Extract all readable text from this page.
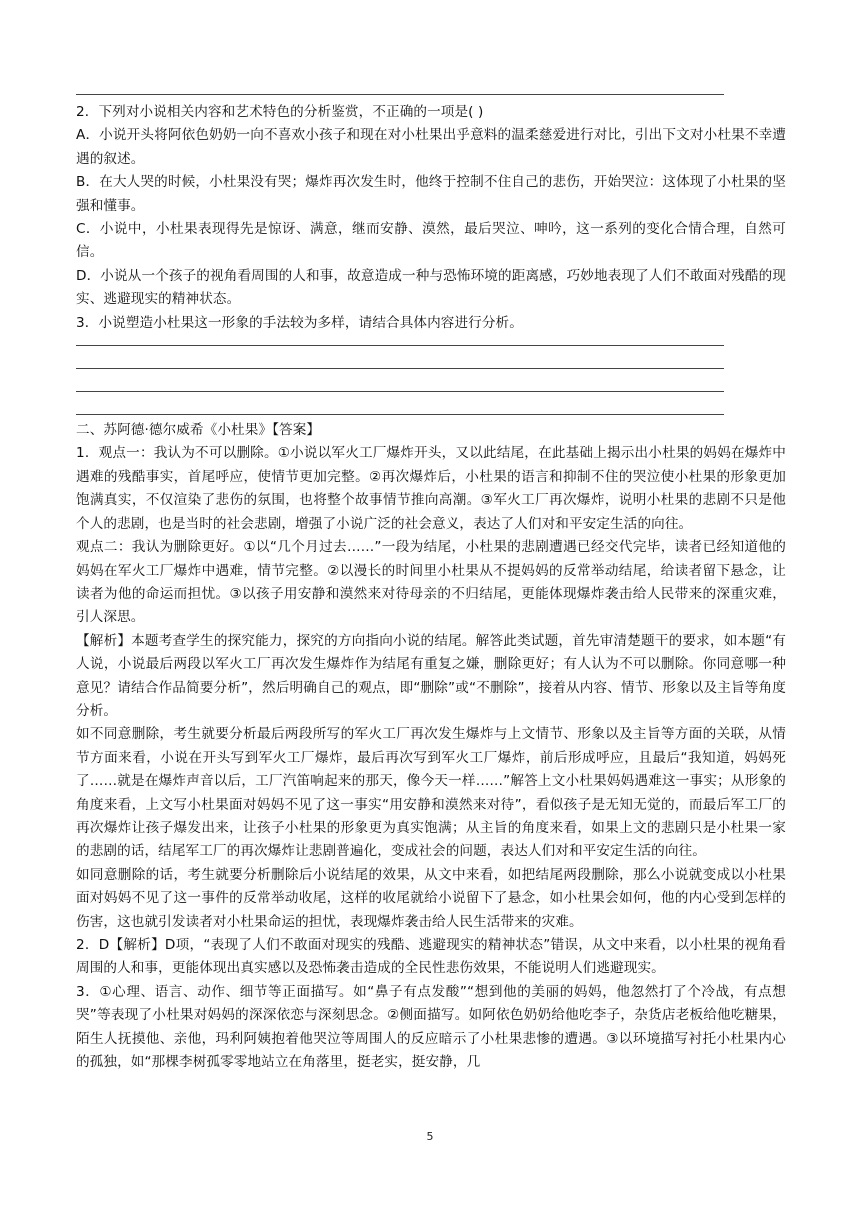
2．下列对小说相关内容和艺术特色的分析鉴赏，不正确的一项是( )

A．小说开头将阿依色奶奶一向不喜欢小孩子和现在对小杜果出乎意料的温柔慈爱进行对比，引出下文对小杜果不幸遭遇的叙述。

B．在大人哭的时候，小杜果没有哭；爆炸再次发生时，他终于控制不住自己的悲伤，开始哭泣：这体现了小杜果的坚强和懂事。

C．小说中，小杜果表现得先是惊讶、满意，继而安静、漠然，最后哭泣、呻吟，这一系列的变化合情合理，自然可信。

D．小说从一个孩子的视角看周围的人和事，故意造成一种与恐怖环境的距离感，巧妙地表现了人们不敢面对残酷的现实、逃避现实的精神状态。

3．小说塑造小杜果这一形象的手法较为多样，请结合具体内容进行分析。

二、苏阿德·德尔威希《小杜果》【答案】

1．观点一：我认为不可以删除。①小说以军火工厂爆炸开头，又以此结尾，在此基础上揭示出小杜果的妈妈在爆炸中遇难的残酷事实，首尾呼应，使情节更加完整。②再次爆炸后，小杜果的语言和抑制不住的哭泣使小杜果的形象更加饱满真实，不仅渲染了悲伤的氛围，也将整个故事情节推向高潮。③军火工厂再次爆炸，说明小杜果的悲剧不只是他个人的悲剧，也是当时的社会悲剧，增强了小说广泛的社会意义，表达了人们对和平安定生活的向往。

观点二：我认为删除更好。①以“几个月过去……”一段为结尾，小杜果的悲剧遭遇已经交代完毕，读者已经知道他的妈妈在军火工厂爆炸中遇难，情节完整。②以漫长的时间里小杜果从不提妈妈的反常举动结尾，给读者留下悬念，让读者为他的命运而担忧。③以孩子用安静和漠然来对待母亲的不归结尾，更能体现爆炸袭击给人民带来的深重灾难，引人深思。

【解析】本题考查学生的探究能力，探究的方向指向小说的结尾。解答此类试题，首先审清楚题干的要求，如本题“有人说，小说最后两段以军火工厂再次发生爆炸作为结尾有重复之嫌，删除更好；有人认为不可以删除。你同意哪一种意见？请结合作品简要分析”，然后明确自己的观点，即“删除”或“不删除”，接着从内容、情节、形象以及主旨等角度分析。

如不同意删除，考生就要分析最后两段所写的军火工厂再次发生爆炸与上文情节、形象以及主旨等方面的关联，从情节方面来看，小说在开头写到军火工厂爆炸，最后再次写到军火工厂爆炸，前后形成呼应，且最后“我知道，妈妈死了……就是在爆炸声音以后，工厂汽笛响起来的那天，像今天一样……”解答上文小杜果妈妈遇难这一事实；从形象的角度来看，上文写小杜果面对妈妈不见了这一事实“用安静和漠然来对待”，看似孩子是无知无觉的，而最后军工厂的再次爆炸让孩子爆发出来，让孩子小杜果的形象更为真实饱满；从主旨的角度来看，如果上文的悲剧只是小杜果一家的悲剧的话，结尾军工厂的再次爆炸让悲剧普遍化，变成社会的问题，表达人们对和平安定生活的向往。

如同意删除的话，考生就要分析删除后小说结尾的效果，从文中来看，如把结尾两段删除，那么小说就变成以小杜果面对妈妈不见了这一事件的反常举动收尾，这样的收尾就给小说留下了悬念，如小杜果会如何，他的内心受到怎样的伤害，这也就引发读者对小杜果命运的担忧，表现爆炸袭击给人民生活带来的灾难。

2．D【解析】D项，“表现了人们不敢面对现实的残酷、逃避现实的精神状态”错误，从文中来看，以小杜果的视角看周围的人和事，更能体现出真实感以及恐怖袭击造成的全民性悲伤效果，不能说明人们逃避现实。

3．①心理、语言、动作、细节等正面描写。如“鼻子有点发酸”“想到他的美丽的妈妈，他忽然打了个冷战，有点想哭”等表现了小杜果对妈妈的深深依恋与深刻思念。②侧面描写。如阿依色奶奶给他吃李子，杂货店老板给他吃糖果，陌生人抚摸他、亲他，玛利阿姨抱着他哭泣等周围人的反应暗示了小杜果悲惨的遭遇。③以环境描写衬托小杜果内心的孤独，如“那棵李树孤零零地站立在角落里，挺老实，挺安静，几

5
